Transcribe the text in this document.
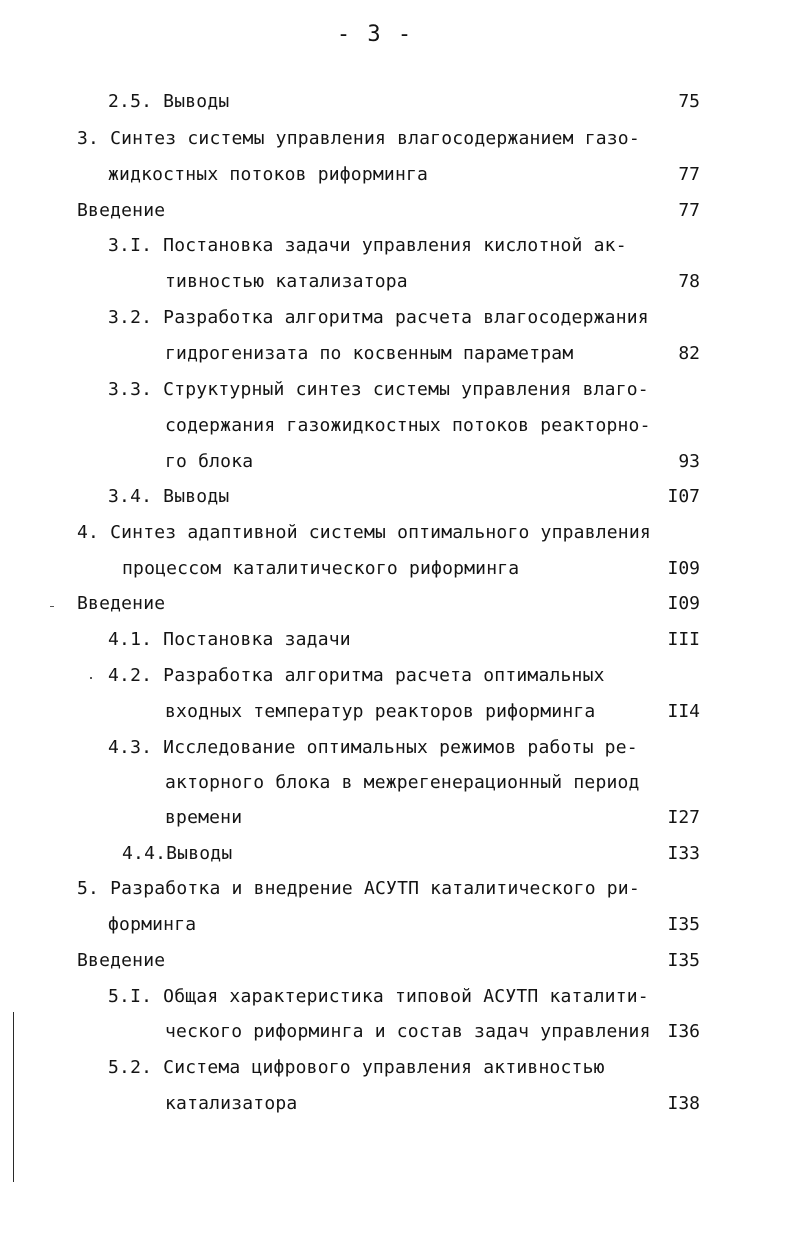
- 3 -
2.5. Выводы	75
3. Синтез системы управления влагосодержанием газо-
жидкостных потоков риформинга	77
Введение	77
3.I. Постановка задачи управления кислотной ак-
тивностью катализатора	78
3.2. Разработка алгоритма расчета влагосодержания
гидрогенизата по косвенным параметрам	82
3.3. Структурный синтез системы управления влаго-
содержания газожидкостных потоков реакторно-
го блока	93
3.4. Выводы	I07
4. Синтез адаптивной системы оптимального управления
процессом каталитического риформинга	I09
Введение	I09
4.1. Постановка задачи	III
4.2. Разработка алгоритма расчета оптимальных
входных температур реакторов риформинга	II4
4.3. Исследование оптимальных режимов работы ре-
акторного блока в межрегенерационный период
времени	I27
4.4.Выводы	I33
5. Разработка и внедрение АСУТП каталитического ри-
форминга	I35
Введение	I35
5.I. Общая характеристика типовой АСУТП каталити-
ческого риформинга и состав задач управления I36
5.2. Система цифрового управления активностью
катализатора	I38
